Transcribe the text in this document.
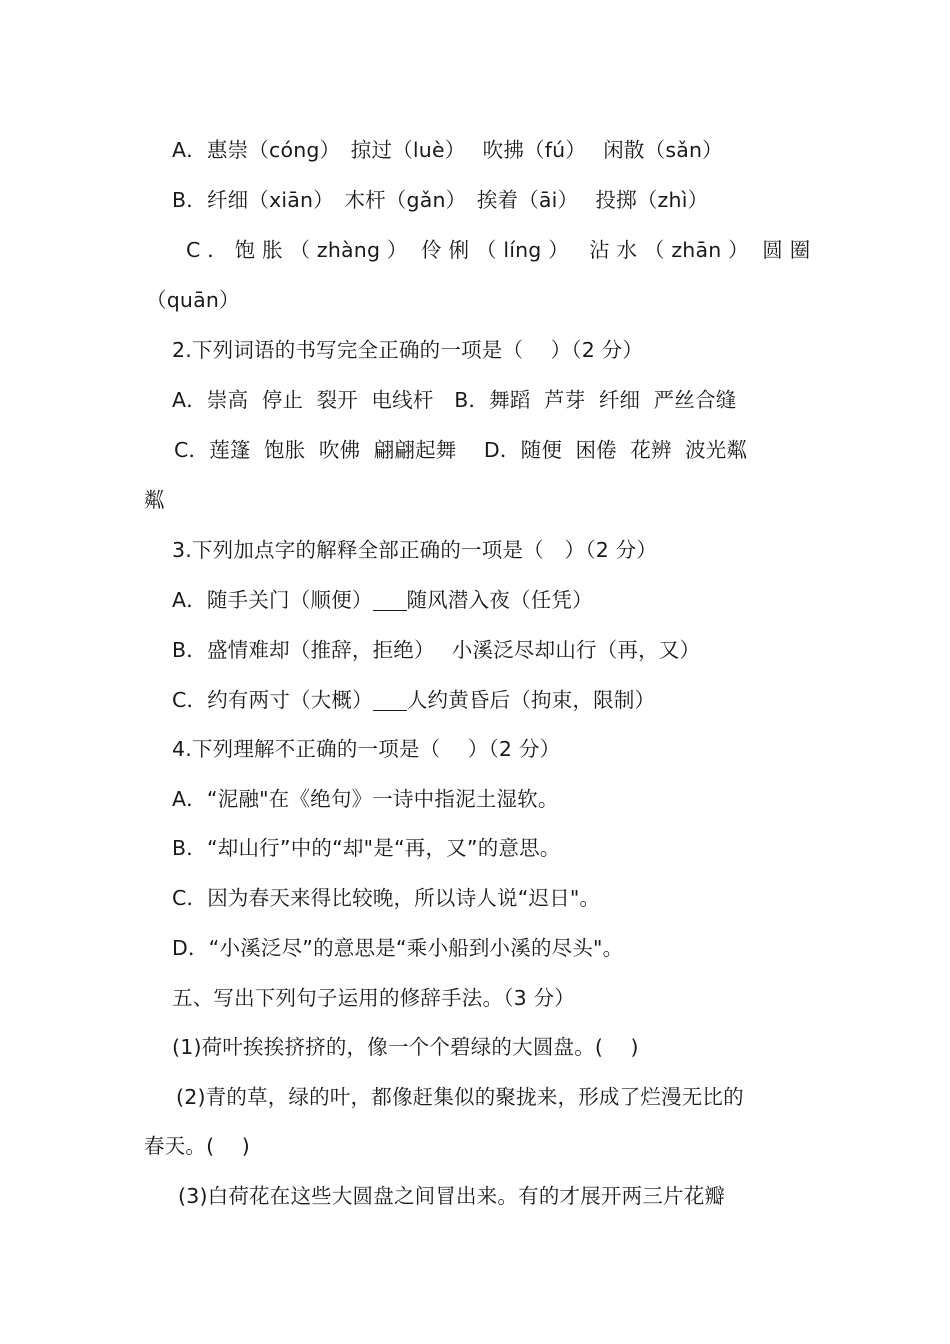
A．惠崇（cóng）　掠过（luè）　 吹拂（fú）　 闲散（sǎn）
B．纤细（xiān）　木杆（gǎn）　挨着（āi）　 投掷（zhì）
C ． 饱 胀 （ zhàng ）  伶 俐 （ líng ）   沾 水 （ zhān ）  圆 圈
（quān）
2.下列词语的书写完全正确的一项是（　 ）（2 分）
A．崇高  停止  裂开  电线杆　B．舞蹈  芦芽  纤细  严丝合缝
C．莲篷  饱胀  吹佛  翩翩起舞　 D．随便  困倦  花辨  波光粼
粼
3.下列加点字的解释全部正确的一项是（　）（2 分）
A．随手关门（顺便） 随风潜入夜（任凭）
B．盛情难却（推辞，拒绝）　 小溪泛尽却山行（再，又）
C．约有两寸（大概） 人约黄昏后（拘束，限制）
4.下列理解不正确的一项是（　 ）（2 分）
A．“泥融"在《绝句》一诗中指泥土湿软。
B．“却山行”中的“却"是“再，又”的意思。
C．因为春天来得比较晚，所以诗人说“迟日"。
D．“小溪泛尽”的意思是“乘小船到小溪的尽头"。
五、写出下列句子运用的修辞手法。（3 分）
(1)荷叶挨挨挤挤的，像一个个碧绿的大圆盘。(　 )
(2)青的草，绿的叶，都像赶集似的聚拢来，形成了烂漫无比的
春天。(　 )
(3)白荷花在这些大圆盘之间冒出来。有的才展开两三片花瓣
